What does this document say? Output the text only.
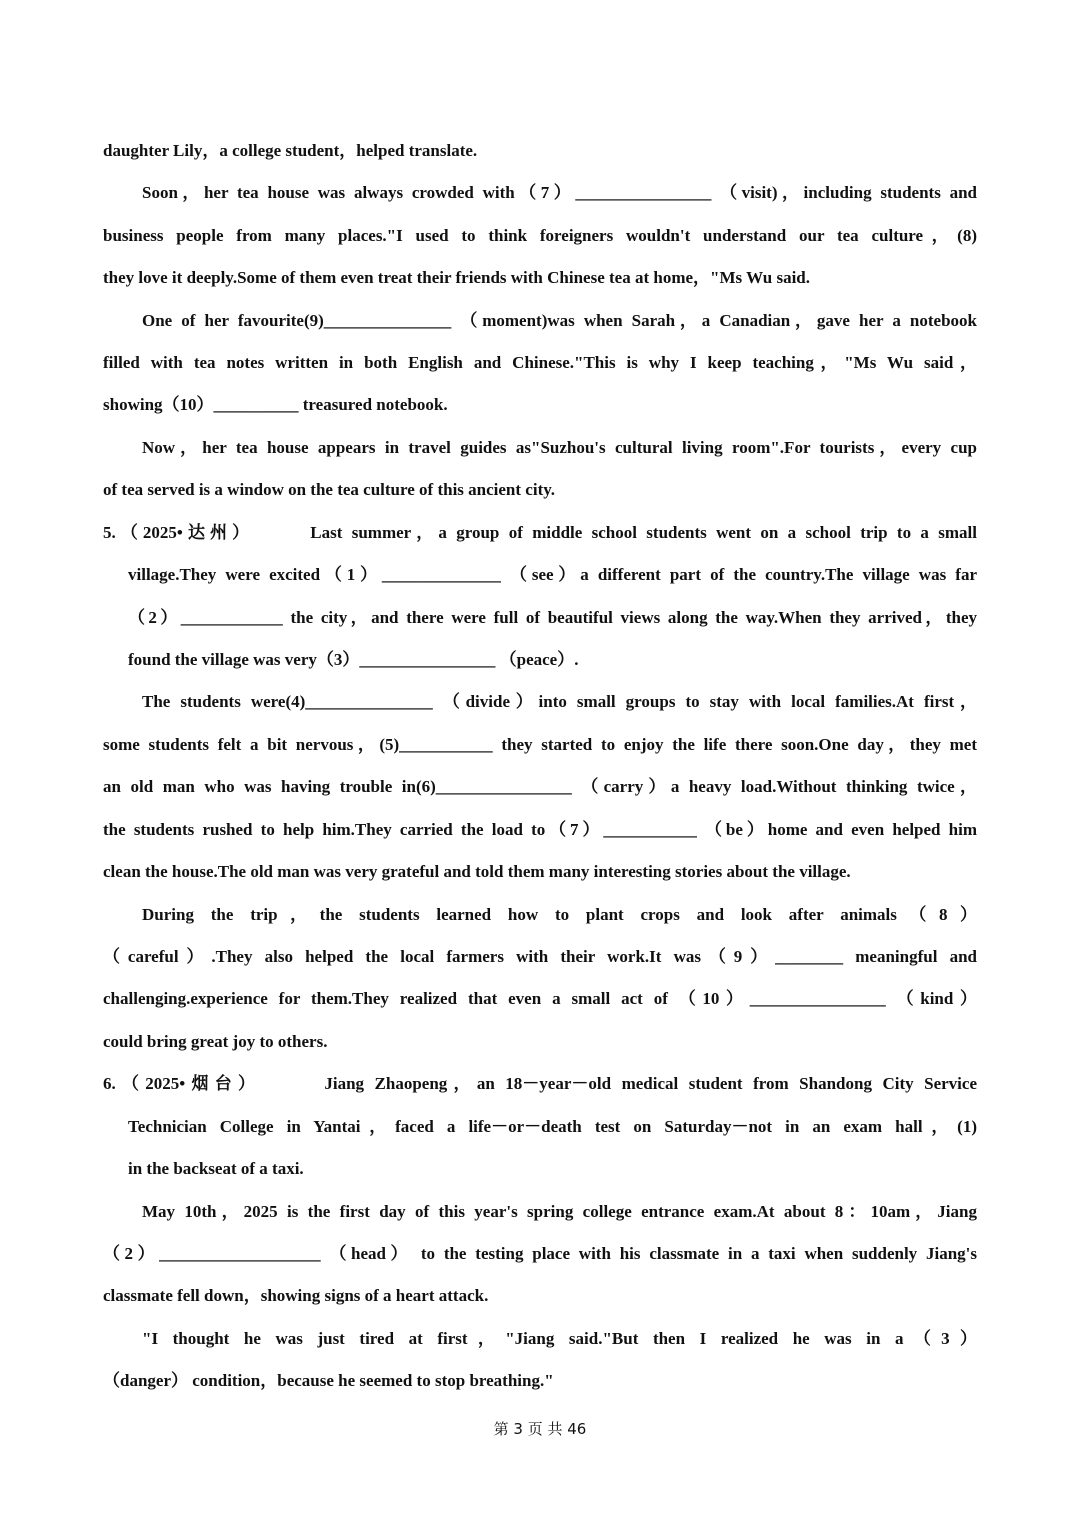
daughter Lily，a college student，helped translate.

Soon，her tea house was always crowded with（7）________________ （visit)，including students and

business people from many places."I used to think foreigners wouldn't understand our tea culture，(8)

they love it deeply.Some of them even treat their friends with Chinese tea at home，"Ms Wu said.

One of her favourite(9)_______________ （moment)was when Sarah，a Canadian，gave her a notebook

filled with tea notes written in both English and Chinese."This is why I keep teaching，"Ms Wu said，

showing（10）__________ treasured notebook.

Now，her tea house appears in travel guides as"Suzhou's cultural living room".For tourists，every cup

of tea served is a window on the tea culture of this ancient city.

5.（2025•达州）      Last summer，a group of middle school students went on a school trip to a small

village.They were excited（1）______________ （see）a different part of the country.The village was far

（2）____________ the city，and there were full of beautiful views along the way.When they arrived，they

found the village was very（3）________________ （peace）.

The students were(4)_______________ （divide）into small groups to stay with local families.At first，

some students felt a bit nervous，(5)___________ they started to enjoy the life there soon.One day，they met

an old man who was having trouble in(6)________________ （carry）a heavy load.Without thinking twice，

the students rushed to help him.They carried the load to（7）___________ （be）home and even helped him

clean the house.The old man was very grateful and told them many interesting stories about the village.

During the trip，the students learned how to plant crops and look after animals（8）

（careful）.They also helped the local farmers with their work.It was（9）________ meaningful and

challenging.experience for them.They realized that even a small act of （10）________________ （kind）

could bring great joy to others.

6.（2025•烟台）      Jiang Zhaopeng，an 18－year－old medical student from Shandong City Service

Technician College in Yantai，faced a life－or－death test on Saturday－not in an exam hall，(1)

in the backseat of a taxi.

May 10th，2025 is the first day of this year's spring college entrance exam.At about 8：10am，Jiang

（2）___________________ （head） to the testing place with his classmate in a taxi when suddenly Jiang's

classmate fell down，showing signs of a heart attack.

"I thought he was just tired at first，"Jiang said."But then I realized he was in a（3）

（danger） condition，because he seemed to stop breathing."

第 3 页 共 46
